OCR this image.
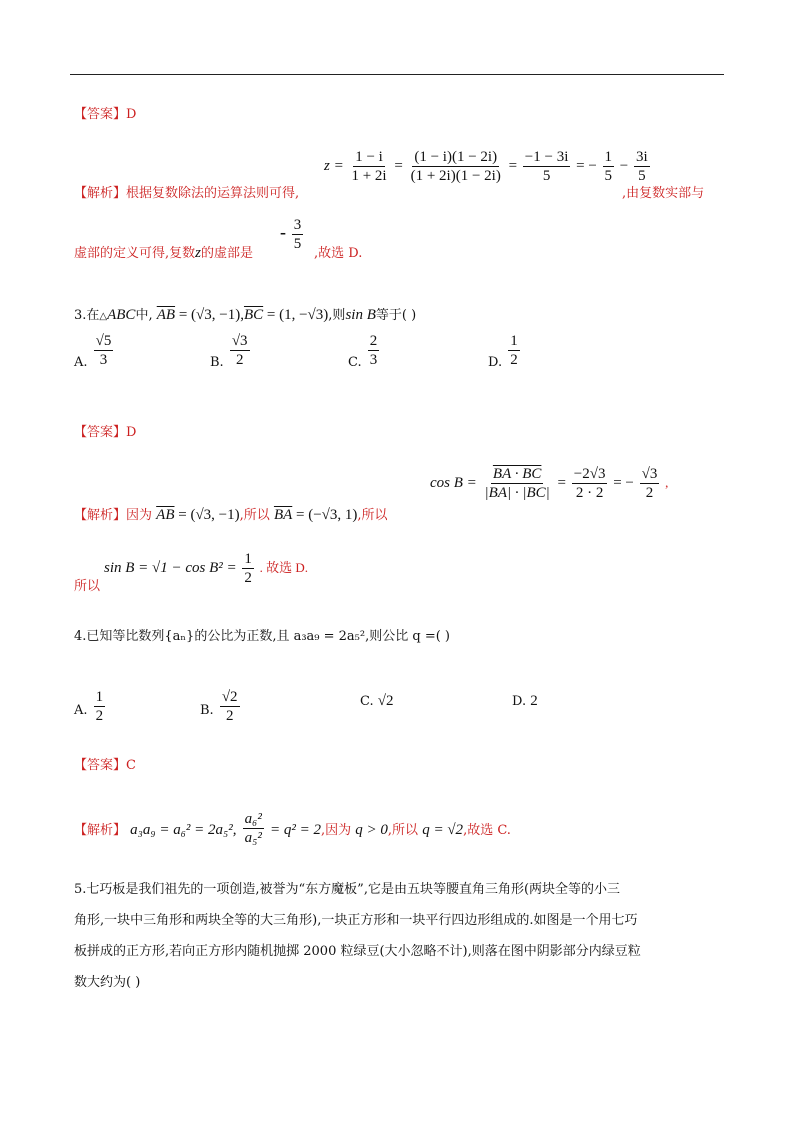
【答案】D
$z = \frac{1 - i}{1 + 2i} = \frac{(1 - i)(1 - 2i)}{(1 + 2i)(1 - 2i)} = \frac{-1 - 3i}{5}$ = − $\frac{1}{5} - \frac{3i}{5}$
【解析】根据复数除法的运算法则可得,	,由复数实部与
虚部的定义可得,复数z的虚部是
- $\frac{3}{5}$
,故选 D.
3.在△ABC中, $\overline{AB} = (√3$, $-1),\overline{BC} = (1$, −√3),则sin B等于( )
A. $\frac{√5}{3}$	B. $\frac{√3}{2}$	C. $\frac{2}{3}$	D. $\frac{1}{2}$
【答案】D
【解析】因为 $\overline{AB} = (√3$, −1),所以 $\overline{BA} = (-√3$, 1),所以
$\cos B = \frac{BA \cdot BC}{|BA| \cdot |BC|} = \frac{-2√3}{2 \cdot 2}$ = − $\frac{√3}{2}$ ,
$\sin B = √1 - \cos B^2 = \frac{1}{2}$ . 故选 D.
所以
4.已知等比数列{aₙ}的公比为正数,且 a₃a₉ = 2a₅²,则公比 q =( )
A. $\frac{1}{2}$	B. $\frac{√2}{2}$	C. √2	D. 2
【答案】C
【解析】 a₃a₉ = a₆² = 2a₅², $\frac{\text{a₆²}}{\text{a₅²}} = q^2 = 2$,因为 q > 0,所以 q = √2,故选 C.
5.七巧板是我们祖先的一项创造,被誉为“东方魔板”,它是由五块等腰直角三角形(两块全等的小三
角形,一块中三角形和两块全等的大三角形),一块正方形和一块平行四边形组成的.如图是一个用七巧
板拼成的正方形,若向正方形内随机抛掷 2000 粒绿豆(大小忽略不计),则落在图中阴影部分内绿豆粒
数大约为( )
